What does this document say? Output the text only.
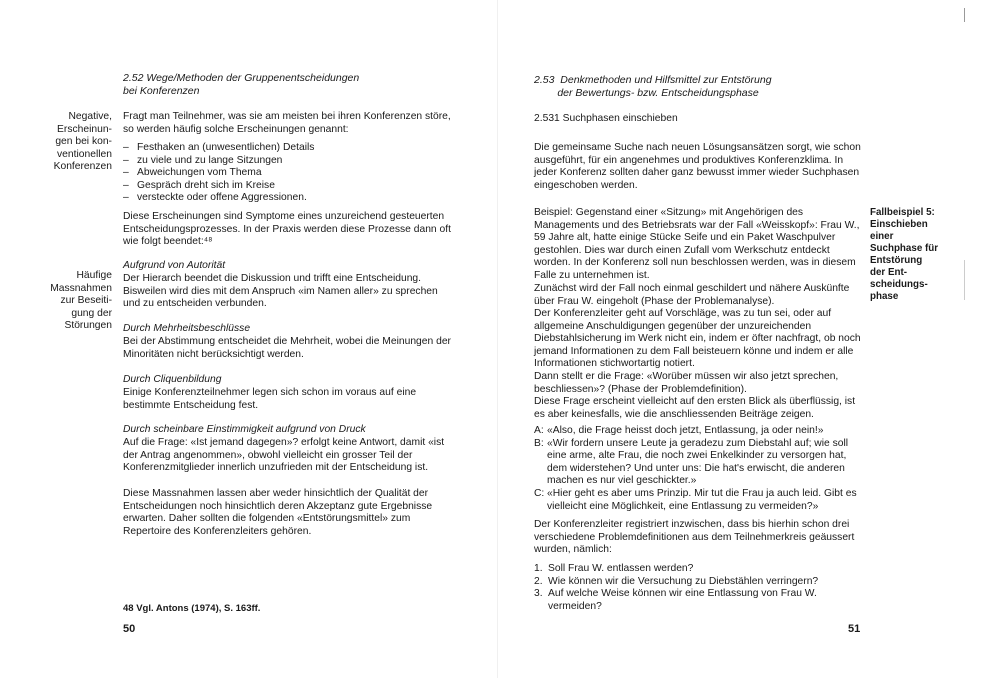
2.52 Wege/Methoden der Gruppenentscheidungen
bei Konferenzen
Negative,
Erscheinun-
gen bei kon-
ventionellen
Konferenzen
Fragt man Teilnehmer, was sie am meisten bei ihren Konferenzen störe, so werden häufig solche Erscheinungen genannt:
– Festhaken an (unwesentlichen) Details
– zu viele und zu lange Sitzungen
– Abweichungen vom Thema
– Gespräch dreht sich im Kreise
– versteckte oder offene Aggressionen.
Diese Erscheinungen sind Symptome eines unzureichend gesteuerten Entscheidungsprozesses. In der Praxis werden diese Prozesse dann oft wie folgt beendet:⁴⁸
Häufige
Massnahmen
zur Beseiti-
gung der
Störungen
Aufgrund von Autorität
Der Hierarch beendet die Diskussion und trifft eine Entscheidung. Bisweilen wird dies mit dem Anspruch «im Namen aller» zu sprechen und zu entscheiden verbunden.
Durch Mehrheitsbeschlüsse
Bei der Abstimmung entscheidet die Mehrheit, wobei die Meinungen der Minoritäten nicht berücksichtigt werden.
Durch Cliquenbildung
Einige Konferenzteilnehmer legen sich schon im voraus auf eine bestimmte Entscheidung fest.
Durch scheinbare Einstimmigkeit aufgrund von Druck
Auf die Frage: «Ist jemand dagegen»? erfolgt keine Antwort, damit «ist der Antrag angenommen», obwohl vielleicht ein grosser Teil der Konferenzmitglieder innerlich unzufrieden mit der Entscheidung ist.
Diese Massnahmen lassen aber weder hinsichtlich der Qualität der Entscheidungen noch hinsichtlich deren Akzeptanz gute Ergebnisse erwarten. Daher sollten die folgenden «Entstörungsmittel» zum Repertoire des Konferenzleiters gehören.
48 Vgl. Antons (1974), S. 163ff.
50
2.53  Denkmethoden und Hilfsmittel zur Entstörung
der Bewertungs- bzw. Entscheidungsphase
2.531 Suchphasen einschieben
Die gemeinsame Suche nach neuen Lösungsansätzen sorgt, wie schon ausgeführt, für ein angenehmes und produktives Konferenzklima. In jeder Konferenz sollten daher ganz bewusst immer wieder Suchphasen eingeschoben werden.
Beispiel: Gegenstand einer «Sitzung» mit Angehörigen des Managements und des Betriebsrats war der Fall «Weisskopf»: Frau W., 59 Jahre alt, hatte einige Stücke Seife und ein Paket Waschpulver gestohlen. Dies war durch einen Zufall vom Werkschutz entdeckt worden. In der Konferenz soll nun beschlossen werden, was in diesem Falle zu unternehmen ist.
Zunächst wird der Fall noch einmal geschildert und nähere Auskünfte über Frau W. eingeholt (Phase der Problemanalyse).
Der Konferenzleiter geht auf Vorschläge, was zu tun sei, oder auf allgemeine Anschuldigungen gegenüber der unzureichenden Diebstahlsicherung im Werk nicht ein, indem er öfter nachfragt, ob noch jemand Informationen zu dem Fall beisteuern könne und indem er alle Informationen stichwortartig notiert.
Dann stellt er die Frage: «Worüber müssen wir also jetzt sprechen, beschliessen»? (Phase der Problemdefinition).
Diese Frage erscheint vielleicht auf den ersten Blick als überflüssig, ist es aber keinesfalls, wie die anschliessenden Beiträge zeigen.
A: «Also, die Frage heisst doch jetzt, Entlassung, ja oder nein!»
B: «Wir fordern unsere Leute ja geradezu zum Diebstahl auf; wie soll eine arme, alte Frau, die noch zwei Enkelkinder zu versorgen hat, dem widerstehen? Und unter uns: Die hat's erwischt, die anderen machen es nur viel geschickter.»
C: «Hier geht es aber ums Prinzip. Mir tut die Frau ja auch leid. Gibt es vielleicht eine Möglichkeit, eine Entlassung zu vermeiden?»
Der Konferenzleiter registriert inzwischen, dass bis hierhin schon drei verschiedene Problemdefinitionen aus dem Teilnehmerkreis geäussert wurden, nämlich:
1. Soll Frau W. entlassen werden?
2. Wie können wir die Versuchung zu Diebstählen verringern?
3. Auf welche Weise können wir eine Entlassung von Frau W. vermeiden?
Fallbeispiel 5:
Einschieben
einer
Suchphase für
Entstörung
der Ent-
scheidungs-
phase
51
